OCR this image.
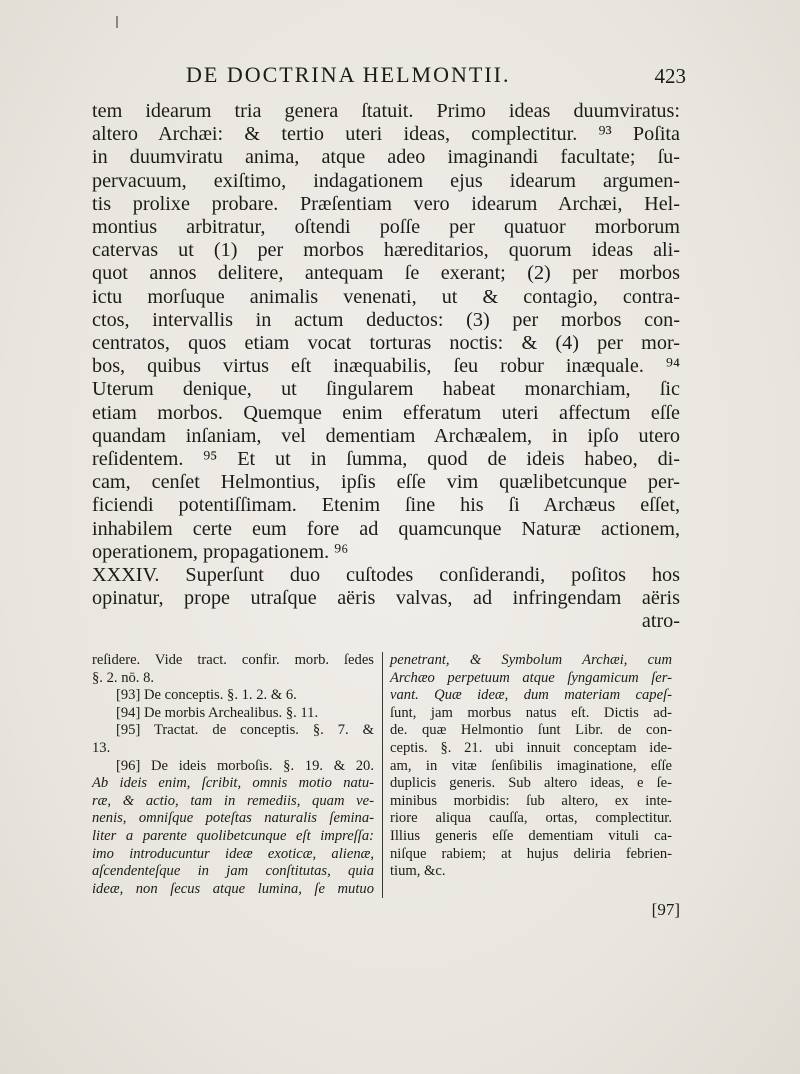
DE DOCTRINA HELMONTII.	423
tem idearum tria genera ſtatuit. Primo ideas duumviratus:
altero Archæi: & tertio uteri ideas, complectitur. ⁹³ Poſita
in duumviratu anima, atque adeo imaginandi facultate; ſu-
pervacuum, exiſtimo, indagationem ejus idearum argumen-
tis prolixe probare. Præſentiam vero idearum Archæi, Hel-
montius arbitratur, oſtendi poſſe per quatuor morborum
catervas ut (1) per morbos hæreditarios, quorum ideas ali-
quot annos delitere, antequam ſe exerant; (2) per morbos
ictu morſuque animalis venenati, ut & contagio, contra-
ctos, intervallis in actum deductos: (3) per morbos con-
centratos, quos etiam vocat torturas noctis: & (4) per mor-
bos, quibus virtus eſt inæquabilis, ſeu robur inæquale. ⁹⁴
Uterum denique, ut ſingularem habeat monarchiam, ſic
etiam morbos. Quemque enim efferatum uteri affectum eſſe
quandam inſaniam, vel dementiam Archæalem, in ipſo utero
reſidentem. ⁹⁵ Et ut in ſumma, quod de ideis habeo, di-
cam, cenſet Helmontius, ipſis eſſe vim quælibetcunque per-
ficiendi potentiſſimam. Etenim ſine his ſi Archæus eſſet,
inhabilem certe eum fore ad quamcunque Naturæ actionem,
operationem, propagationem. ⁹⁶
XXXIV. Superſunt duo cuſtodes conſiderandi, poſitos hos
opinatur, prope utraſque aëris valvas, ad infringendam aëris
atro-
reſidere. Vide tract. confir. morb. ſedes
§. 2. nō. 8.
[93] De conceptis. §. 1. 2. & 6.
[94] De morbis Archealibus. §. 11.
[95] Tractat. de conceptis. §. 7. &
13.
[96] De ideis morboſis. §. 19. & 20.
Ab ideis enim, ſcribit, omnis motio natu-
ræ, & actio, tam in remediis, quam ve-
nenis, omniſque poteſtas naturalis ſemina-
liter a parente quolibetcunque eſt impreſſa:
imo introducuntur ideæ exoticæ, alienæ,
aſcendenteſque in jam conſtitutas, quia
ideæ, non ſecus atque lumina, ſe mutuo
penetrant, & Symbolum Archæi, cum
Archæo perpetuum atque ſyngamicum ſer-
vant. Quæ ideæ, dum materiam capeſ-
ſunt, jam morbus natus eſt. Dictis ad-
de. quæ Helmontio ſunt Libr. de con-
ceptis. §. 21. ubi innuit conceptam ide-
am, in vitæ ſenſibilis imaginatione, eſſe
duplicis generis. Sub altero ideas, e ſe-
minibus morbidis: ſub altero, ex inte-
riore aliqua cauſſa, ortas, complectitur.
Illius generis eſſe dementiam vituli ca-
niſque rabiem; at hujus deliria febrien-
tium, &c.
[97]
